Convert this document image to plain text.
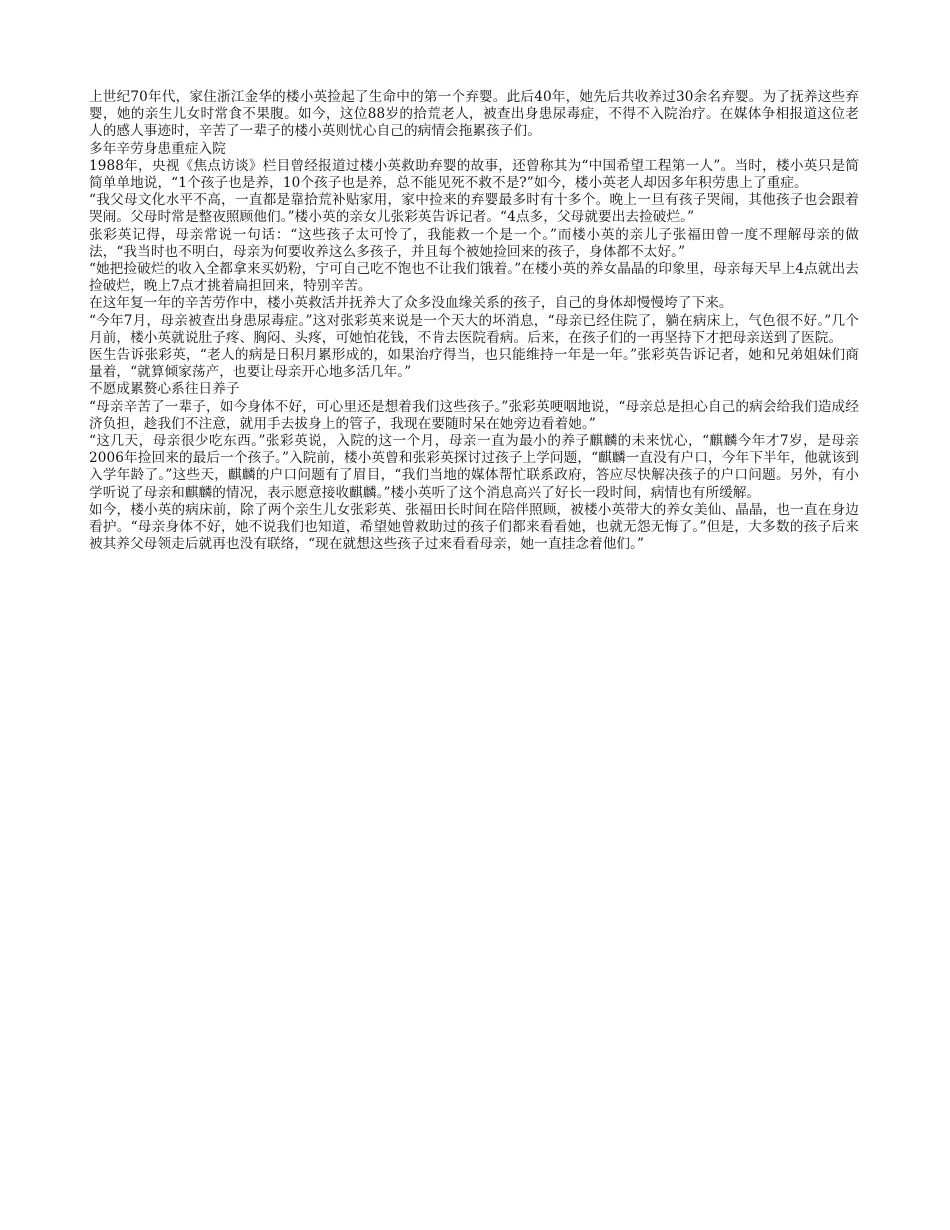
上世纪70年代，家住浙江金华的楼小英捡起了生命中的第一个弃婴。此后40年，她先后共收养过30余名弃婴。为了抚养这些弃婴，她的亲生儿女时常食不果腹。如今，这位88岁的拾荒老人，被查出身患尿毒症，不得不入院治疗。在媒体争相报道这位老人的感人事迹时，辛苦了一辈子的楼小英则忧心自己的病情会拖累孩子们。

多年辛劳身患重症入院

1988年，央视《焦点访谈》栏目曾经报道过楼小英救助弃婴的故事，还曾称其为“中国希望工程第一人”。当时，楼小英只是简简单单地说，“1个孩子也是养，10个孩子也是养，总不能见死不救不是?”如今，楼小英老人却因多年积劳患上了重症。

“我父母文化水平不高，一直都是靠拾荒补贴家用，家中捡来的弃婴最多时有十多个。晚上一旦有孩子哭闹，其他孩子也会跟着哭闹。父母时常是整夜照顾他们。”楼小英的亲女儿张彩英告诉记者。“4点多，父母就要出去捡破烂。”

张彩英记得，母亲常说一句话：“这些孩子太可怜了，我能救一个是一个。”而楼小英的亲儿子张福田曾一度不理解母亲的做法，“我当时也不明白，母亲为何要收养这么多孩子，并且每个被她捡回来的孩子，身体都不太好。”

“她把捡破烂的收入全都拿来买奶粉，宁可自己吃不饱也不让我们饿着。”在楼小英的养女晶晶的印象里，母亲每天早上4点就出去捡破烂，晚上7点才挑着扁担回来，特别辛苦。

在这年复一年的辛苦劳作中，楼小英救活并抚养大了众多没血缘关系的孩子，自己的身体却慢慢垮了下来。

“今年7月，母亲被查出身患尿毒症。”这对张彩英来说是一个天大的坏消息，“母亲已经住院了，躺在病床上，气色很不好。”几个月前，楼小英就说肚子疼、胸闷、头疼，可她怕花钱，不肯去医院看病。后来，在孩子们的一再坚持下才把母亲送到了医院。

医生告诉张彩英，“老人的病是日积月累形成的，如果治疗得当，也只能维持一年是一年。”张彩英告诉记者，她和兄弟姐妹们商量着，“就算倾家荡产，也要让母亲开心地多活几年。”

不愿成累赘心系往日养子

“母亲辛苦了一辈子，如今身体不好，可心里还是想着我们这些孩子。”张彩英哽咽地说，“母亲总是担心自己的病会给我们造成经济负担，趁我们不注意，就用手去拔身上的管子，我现在要随时呆在她旁边看着她。”

“这几天，母亲很少吃东西。”张彩英说，入院的这一个月，母亲一直为最小的养子麒麟的未来忧心，“麒麟今年才7岁，是母亲2006年捡回来的最后一个孩子。”入院前，楼小英曾和张彩英探讨过孩子上学问题，“麒麟一直没有户口，今年下半年，他就该到入学年龄了。”这些天，麒麟的户口问题有了眉目，“我们当地的媒体帮忙联系政府，答应尽快解决孩子的户口问题。另外，有小学听说了母亲和麒麟的情况，表示愿意接收麒麟。”楼小英听了这个消息高兴了好长一段时间，病情也有所缓解。

如今，楼小英的病床前，除了两个亲生儿女张彩英、张福田长时间在陪伴照顾，被楼小英带大的养女美仙、晶晶，也一直在身边看护。“母亲身体不好，她不说我们也知道，希望她曾救助过的孩子们都来看看她，也就无怨无悔了。”但是，大多数的孩子后来被其养父母领走后就再也没有联络，“现在就想这些孩子过来看看母亲，她一直挂念着他们。”
